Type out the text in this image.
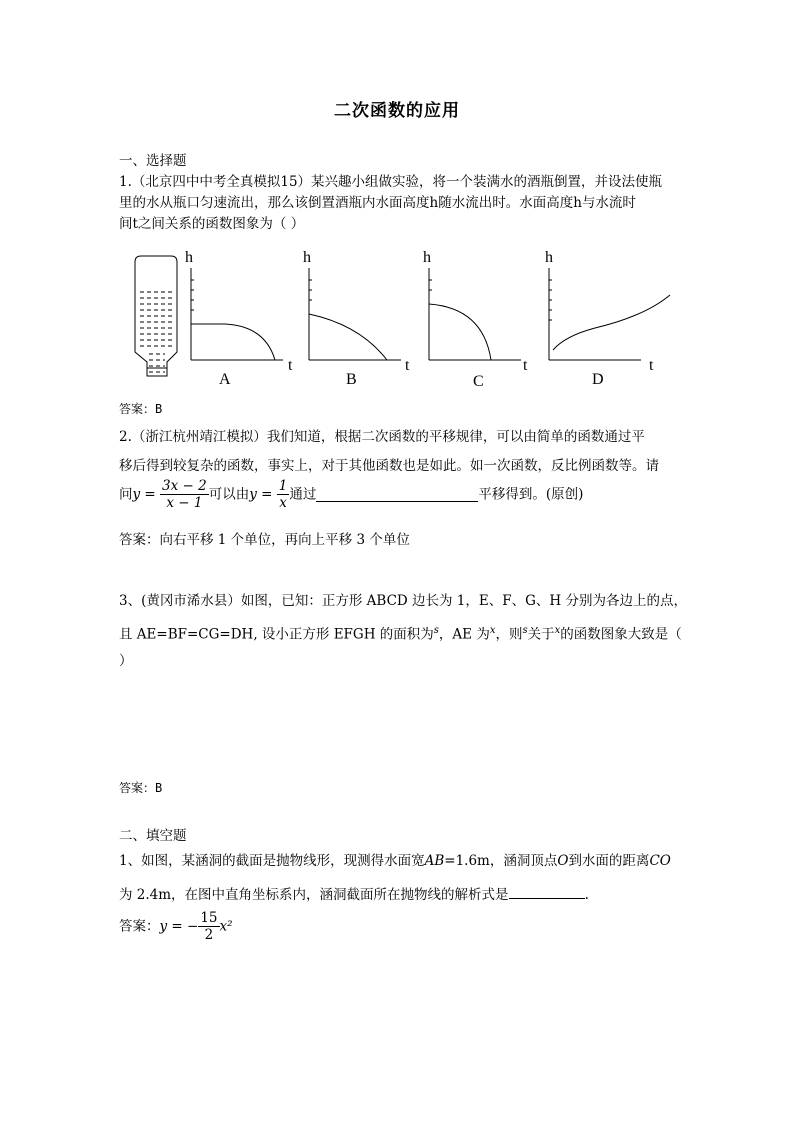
二次函数的应用
一、选择题
1.（北京四中中考全真模拟15）某兴趣小组做实验，将一个装满水的酒瓶倒置，并设法使瓶
里的水从瓶口匀速流出，那么该倒置酒瓶内水面高度h随水流出时。水面高度h与水流时
间t之间关系的函数图象为（ ）
h
t
A
h
t
B
h
t
C
h
t
D
答案：B
2.（浙江杭州靖江模拟）我们知道，根据二次函数的平移规律，可以由简单的函数通过平
移后得到较复杂的函数，事实上，对于其他函数也是如此。如一次函数，反比例函数等。请
问$y = \frac{3x - 2}{x - 1}$ 可以由$y = \frac{1}{x}$ 通过	平移得到。(原创)
答案：向右平移 1 个单位，再向上平移 3 个单位
3、(黄冈市浠水县）如图，已知：正方形 ABCD 边长为 1，E、F、G、H 分别为各边上的点，
且 AE=BF=CG=DH, 设小正方形 EFGH 的面积为$^s$，AE 为$^x$，则$^s$关于$^x$的函数图象大致是（
）
答案：B
二、填空题
1、如图，某涵洞的截面是抛物线形，现测得水面宽AB=1.6m，涵洞顶点O到水面的距离CO
为 2.4m，在图中直角坐标系内，涵洞截面所在抛物线的解析式是	.
答案：y = − $\frac{15}{2} x^2$
